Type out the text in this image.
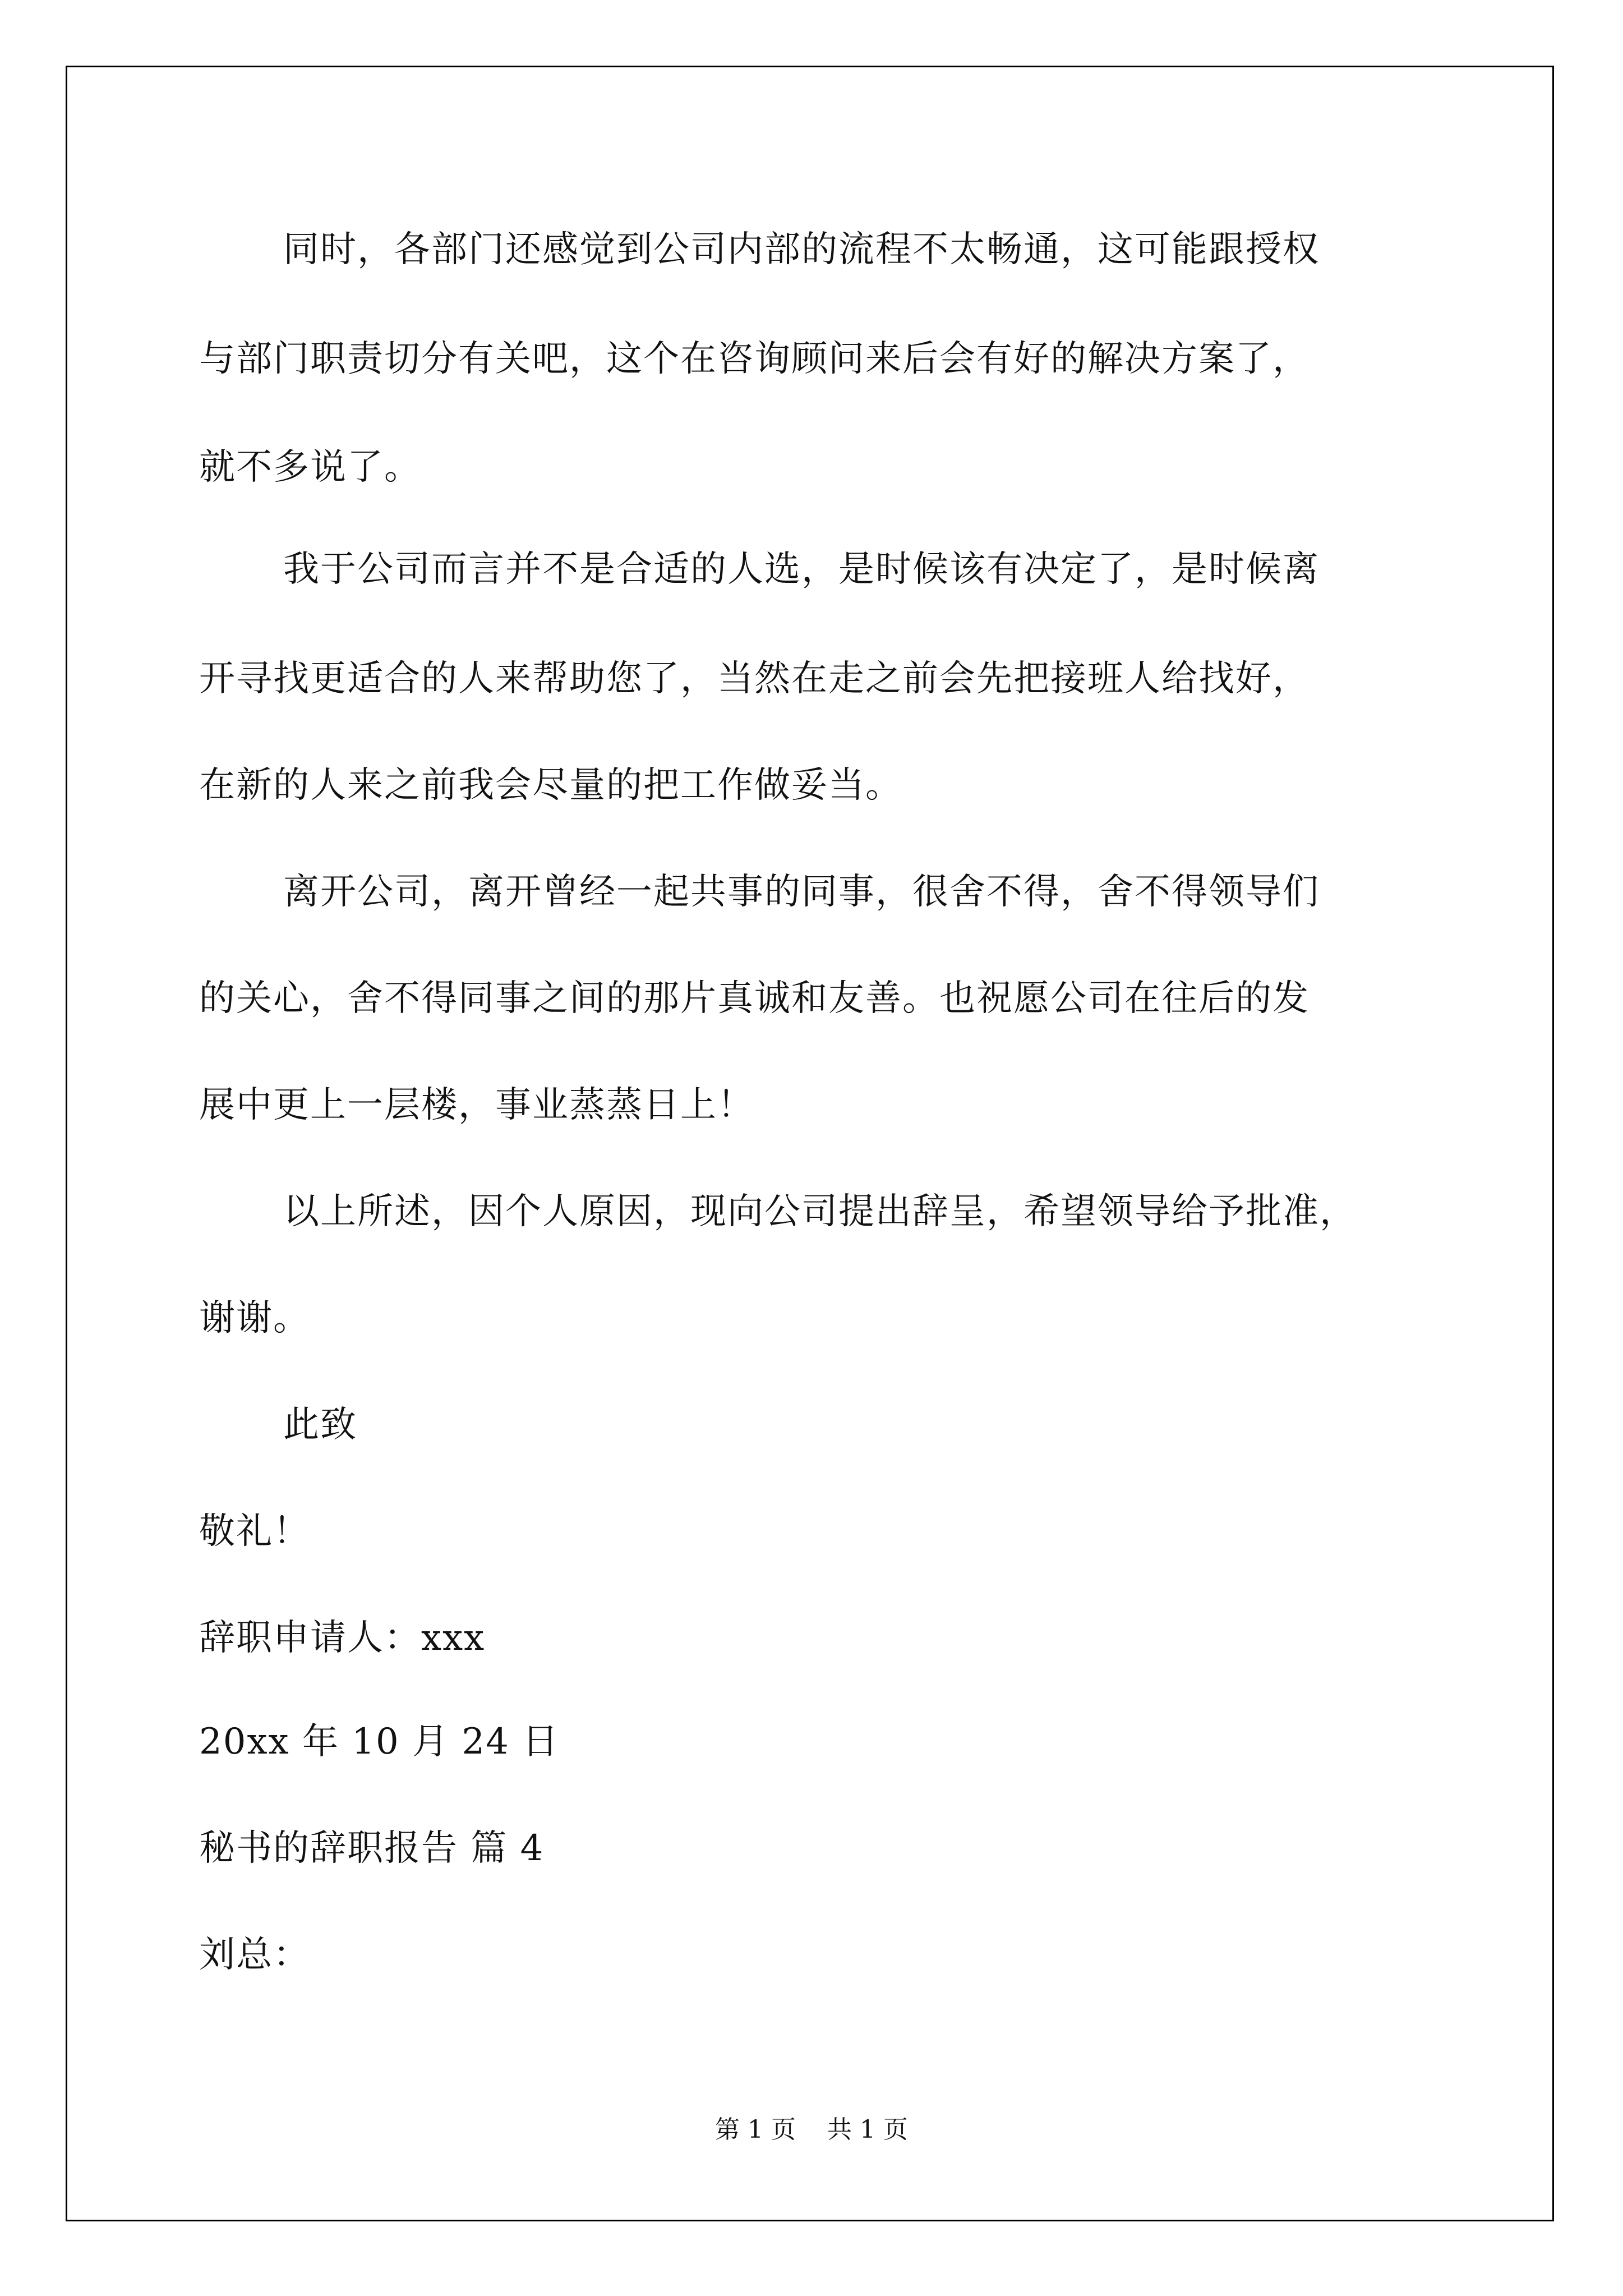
同时，各部门还感觉到公司内部的流程不太畅通，这可能跟授权
与部门职责切分有关吧，这个在咨询顾问来后会有好的解决方案了，
就不多说了。
我于公司而言并不是合适的人选，是时候该有决定了，是时候离
开寻找更适合的人来帮助您了，当然在走之前会先把接班人给找好，
在新的人来之前我会尽量的把工作做妥当。
离开公司，离开曾经一起共事的同事，很舍不得，舍不得领导们
的关心，舍不得同事之间的那片真诚和友善。也祝愿公司在往后的发
展中更上一层楼，事业蒸蒸日上！
以上所述，因个人原因，现向公司提出辞呈，希望领导给予批准，
谢谢。
此致
敬礼！
辞职申请人：xxx
20xx 年 10 月 24 日
秘书的辞职报告 篇 4
刘总：
第 1 页    共 1 页
